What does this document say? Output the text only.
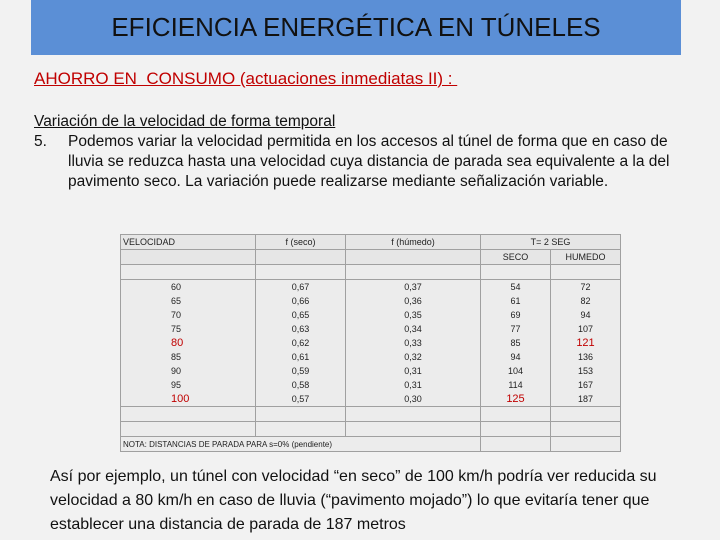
EFICIENCIA ENERGÉTICA EN TÚNELES
AHORRO EN  CONSUMO (actuaciones inmediatas II) :
Variación de la velocidad de forma temporal
5.	Podemos variar la velocidad permitida en los accesos al túnel de forma que en caso de lluvia se reduzca hasta una velocidad cuya distancia de parada sea equivalente a la del pavimento seco. La variación puede realizarse mediante señalización variable.
VELOCIDAD	f (seco)	f (húmedo)	T= 2 SEG	
			SECO	HUMEDO

60	0,67	0,37	54	72
65	0,66	0,36	61	82
70	0,65	0,35	69	94
75	0,63	0,34	77	107
80	0,62	0,33	85	121
85	0,61	0,32	94	136
90	0,59	0,31	104	153
95	0,58	0,31	114	167
100	0,57	0,30	125	187

NOTA: DISTANCIAS DE PARADA PARA s=0% (pendiente)				
Así por ejemplo, un túnel con velocidad “en seco” de 100 km/h podría ver reducida su velocidad a 80 km/h en caso de lluvia (“pavimento mojado”) lo que evitaría tener que establecer una distancia de parada de 187 metros
